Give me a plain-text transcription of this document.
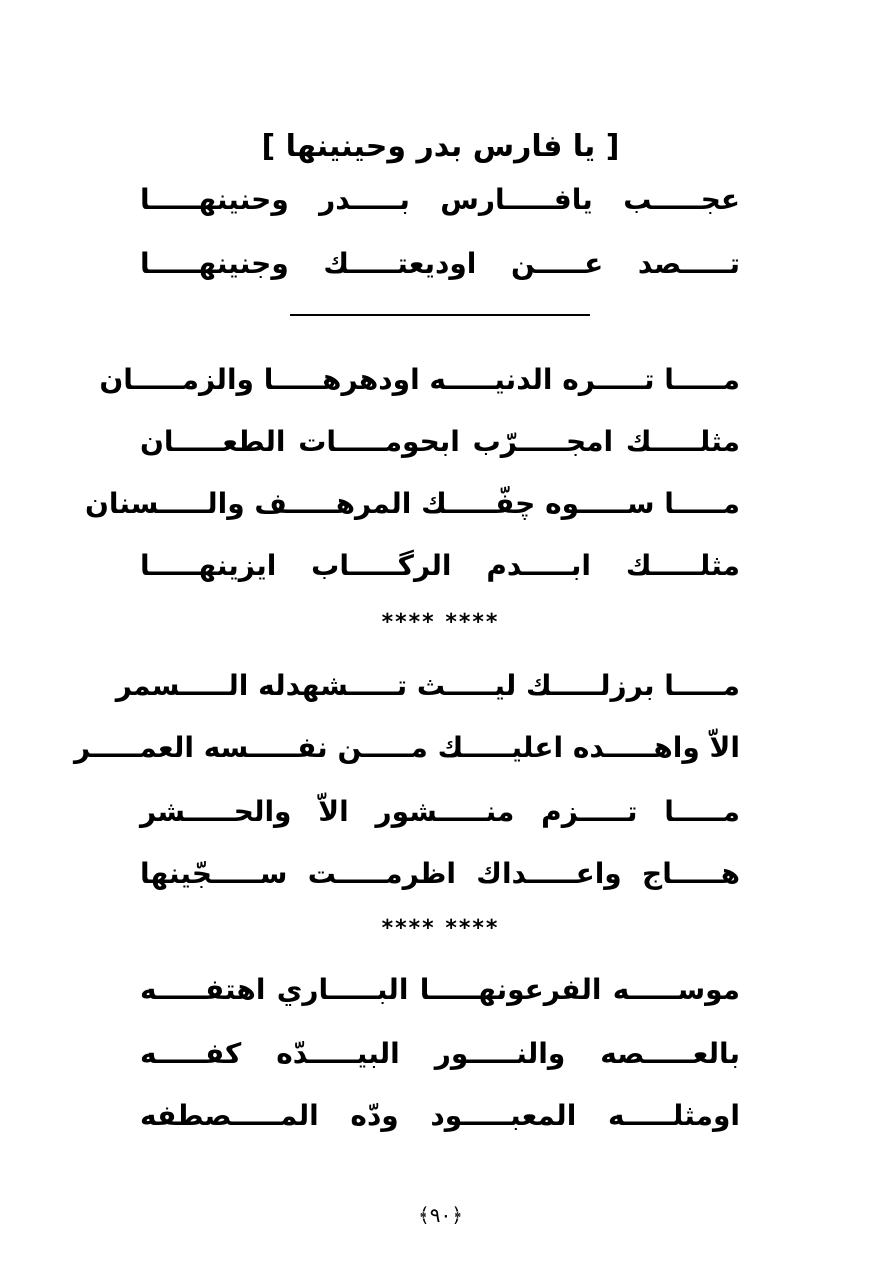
[ يا فارس بدر وحينينها ]
عجـــــب يافـــــارس بـــــدر وحنينهـــــا
تـــــصد عـــــن اوديعتـــــك وجنينهـــــا
مـــــا تـــــره الدنيـــــه اودهرهـــــا والزمـــــان
مثلـــــك امجـــــرّب ابحومـــــات الطعـــــان
مـــــا ســـــوه چفّـــــك المرهـــــف والـــــسنان
مثلـــــك ابـــــدم الرگـــــاب ايزينهـــــا
**** ****
مـــــا برزلـــــك ليـــــث تـــــشهدله الـــــسمر
الاّ واهـــــده اعليـــــك مـــــن نفـــــسه العمـــــر
مـــــا تـــــزم منـــــشور الاّ والحـــــشر
هـــــاج واعـــــداك اظرمـــــت ســـــجّينها
**** ****
موســـــه الفرعونهـــــا البـــــاري اهتفـــــه
بالعـــــصه والنـــــور البيـــــدّه كفـــــه
اومثلـــــه المعبـــــود ودّه المـــــصطفه
﴿٩٠﴾
